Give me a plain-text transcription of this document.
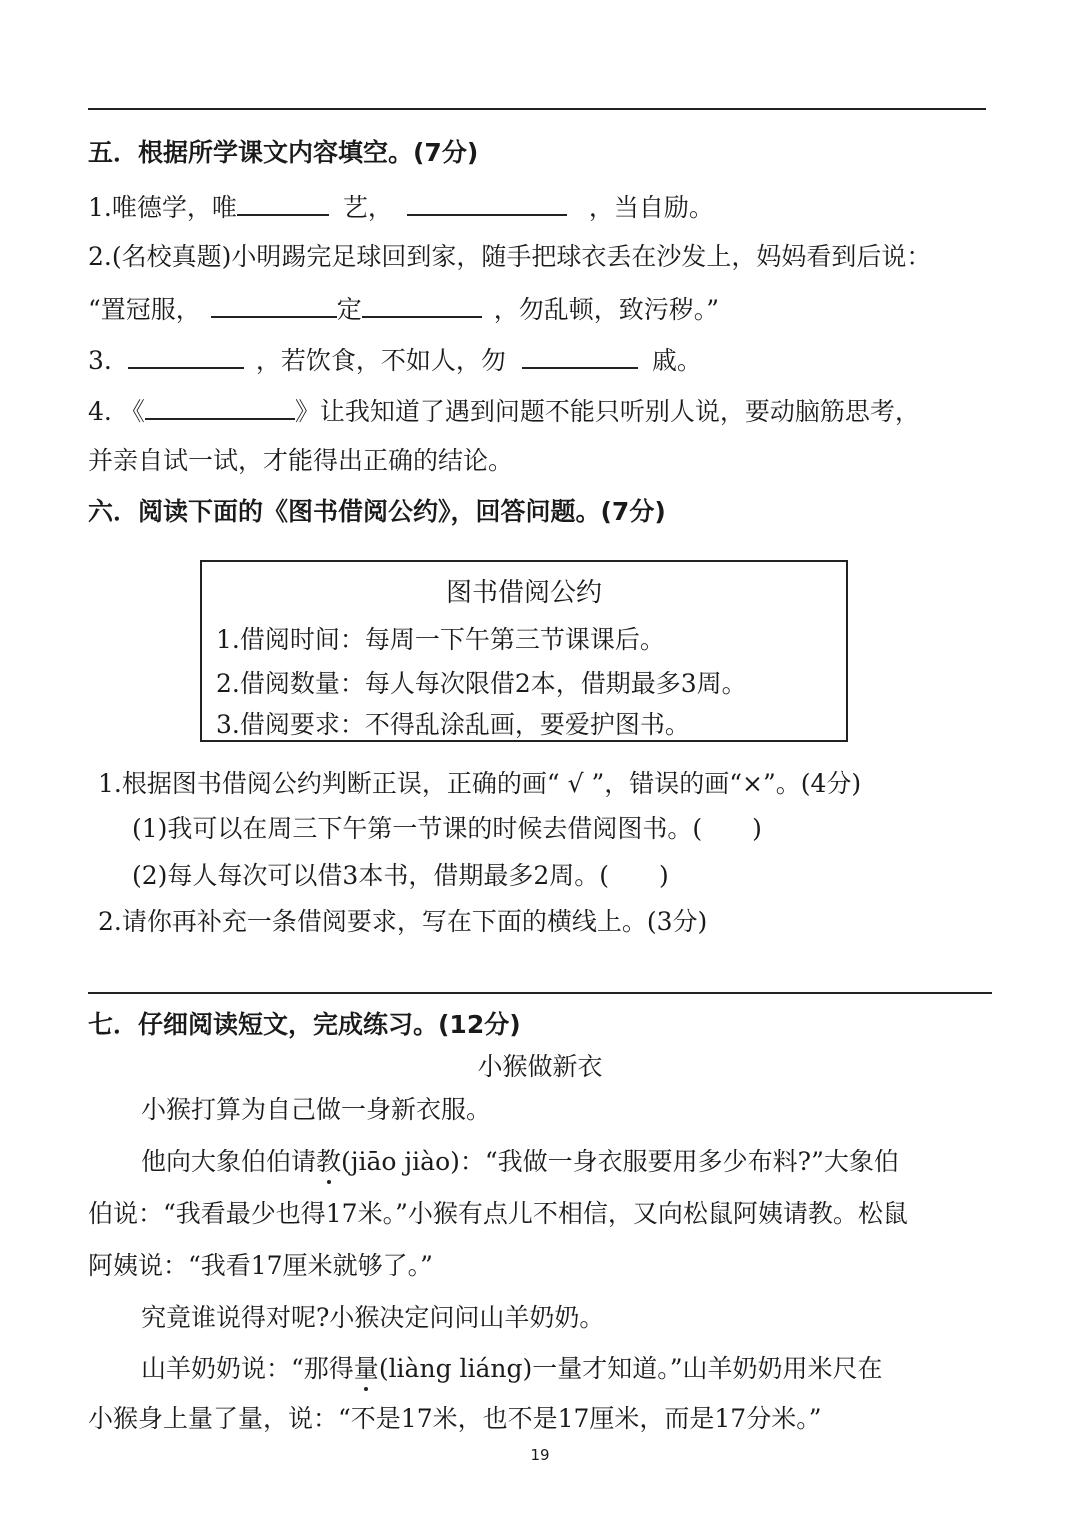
五．根据所学课文内容填空。(7分)
1.唯德学，唯	艺，	，当自励。
2.(名校真题)小明踢完足球回到家，随手把球衣丢在沙发上，妈妈看到后说：
“置冠服，	定	，勿乱顿，致污秽。”
3.	，若饮食，不如人，勿	戚。
4. 《	》让我知道了遇到问题不能只听别人说，要动脑筋思考，
并亲自试一试，才能得出正确的结论。
六．阅读下面的《图书借阅公约》，回答问题。(7分)
图书借阅公约
1.借阅时间：每周一下午第三节课课后。
2.借阅数量：每人每次限借2本，借期最多3周。
3.借阅要求：不得乱涂乱画，要爱护图书。
1.根据图书借阅公约判断正误，正确的画“ √ ”，错误的画“×”。(4分)
(1)我可以在周三下午第一节课的时候去借阅图书。(　　)
(2)每人每次可以借3本书，借期最多2周。(　　)
2.请你再补充一条借阅要求，写在下面的横线上。(3分)
七．仔细阅读短文，完成练习。(12分)
小猴做新衣
小猴打算为自己做一身新衣服。
他向大象伯伯请教(jiāo jiào)：“我做一身衣服要用多少布料?”大象伯
伯说：“我看最少也得17米。”小猴有点儿不相信，又向松鼠阿姨请教。松鼠
阿姨说：“我看17厘米就够了。”
究竟谁说得对呢?小猴决定问问山羊奶奶。
山羊奶奶说：“那得量(liàng liáng)一量才知道。”山羊奶奶用米尺在
小猴身上量了量，说：“不是17米，也不是17厘米，而是17分米。”
19
